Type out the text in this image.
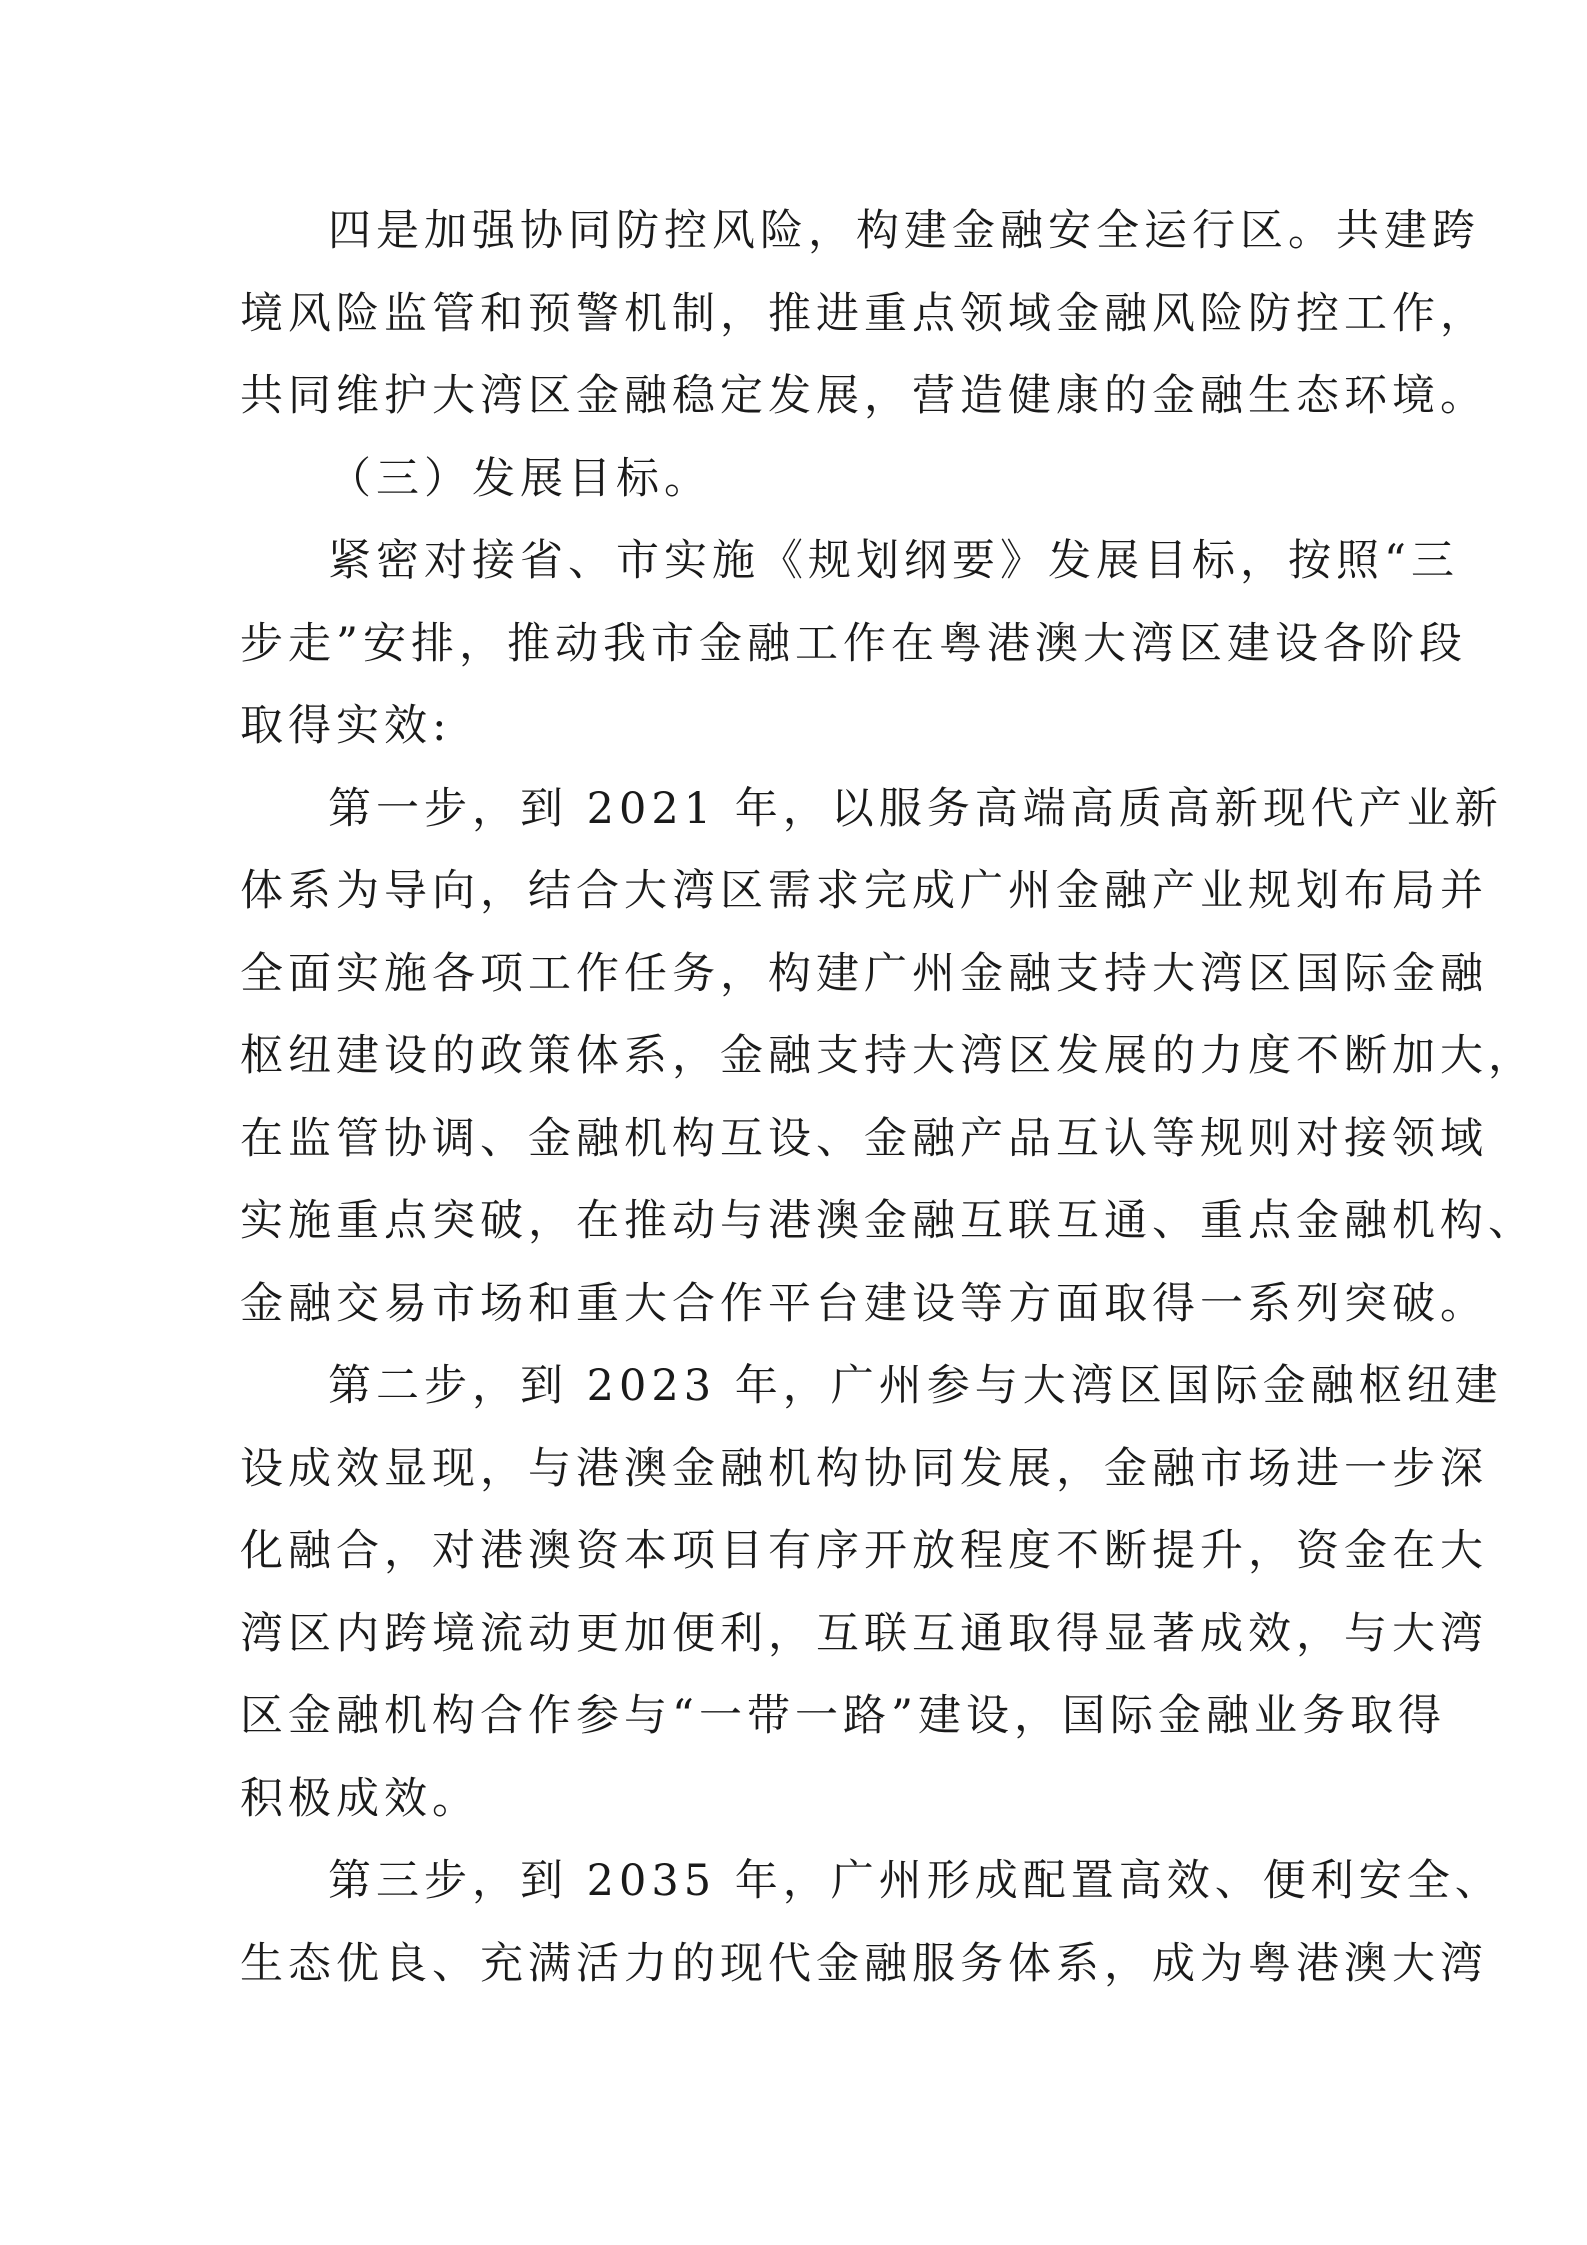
四是加强协同防控风险，构建金融安全运行区。共建跨
境风险监管和预警机制，推进重点领域金融风险防控工作，
共同维护大湾区金融稳定发展，营造健康的金融生态环境。
（三）发展目标。
紧密对接省、市实施《规划纲要》发展目标，按照“三
步走”安排，推动我市金融工作在粤港澳大湾区建设各阶段
取得实效:
第一步，到 2021 年，以服务高端高质高新现代产业新
体系为导向，结合大湾区需求完成广州金融产业规划布局并
全面实施各项工作任务，构建广州金融支持大湾区国际金融
枢纽建设的政策体系，金融支持大湾区发展的力度不断加大，
在监管协调、金融机构互设、金融产品互认等规则对接领域
实施重点突破，在推动与港澳金融互联互通、重点金融机构、
金融交易市场和重大合作平台建设等方面取得一系列突破。
第二步，到 2023 年，广州参与大湾区国际金融枢纽建
设成效显现，与港澳金融机构协同发展，金融市场进一步深
化融合，对港澳资本项目有序开放程度不断提升，资金在大
湾区内跨境流动更加便利，互联互通取得显著成效，与大湾
区金融机构合作参与“一带一路”建设，国际金融业务取得
积极成效。
第三步，到 2035 年，广州形成配置高效、便利安全、
生态优良、充满活力的现代金融服务体系，成为粤港澳大湾
